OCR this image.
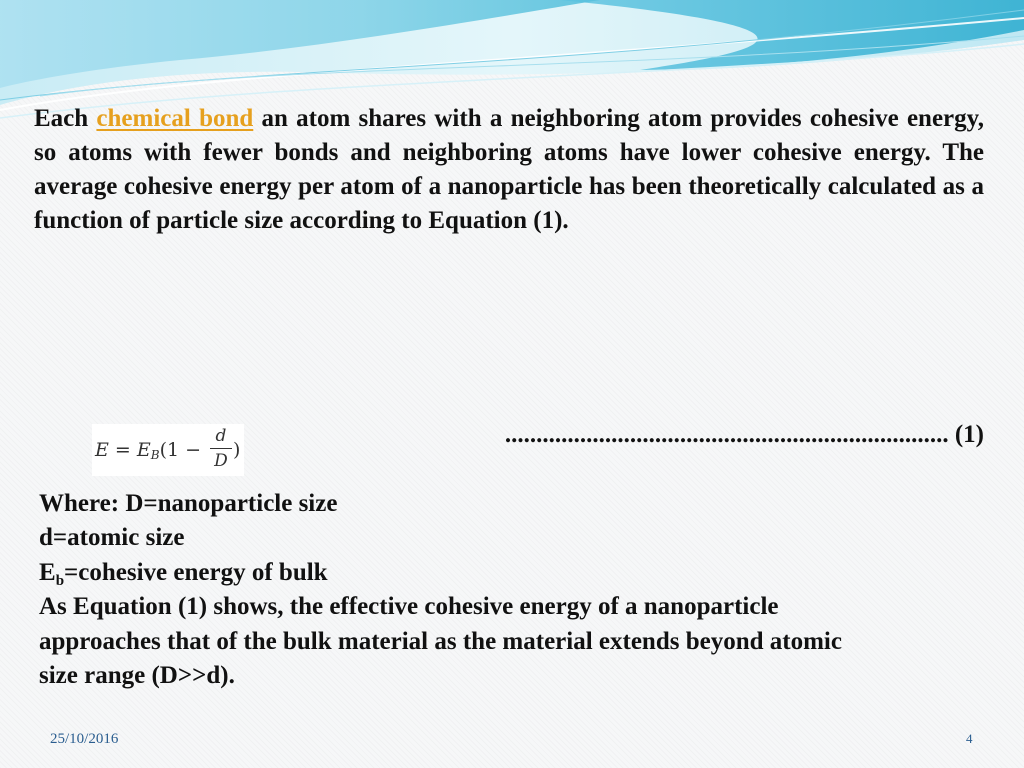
Each chemical bond an atom shares with a neighboring atom provides cohesive energy, so atoms with fewer bonds and neighboring atoms have lower cohesive energy. The average cohesive energy per atom of a nanoparticle has been theoretically calculated as a function of particle size according to Equation (1).

E = EB(1 −
d
D )
....................................................................... (1)
Where: D=nanoparticle size
d=atomic size
$E_b=cohesive$ energy of bulk
As Equation (1) shows, the effective cohesive energy of a nanoparticle
approaches that of the bulk material as the material extends beyond atomic
size range (D>>d).
25/10/2016	4
